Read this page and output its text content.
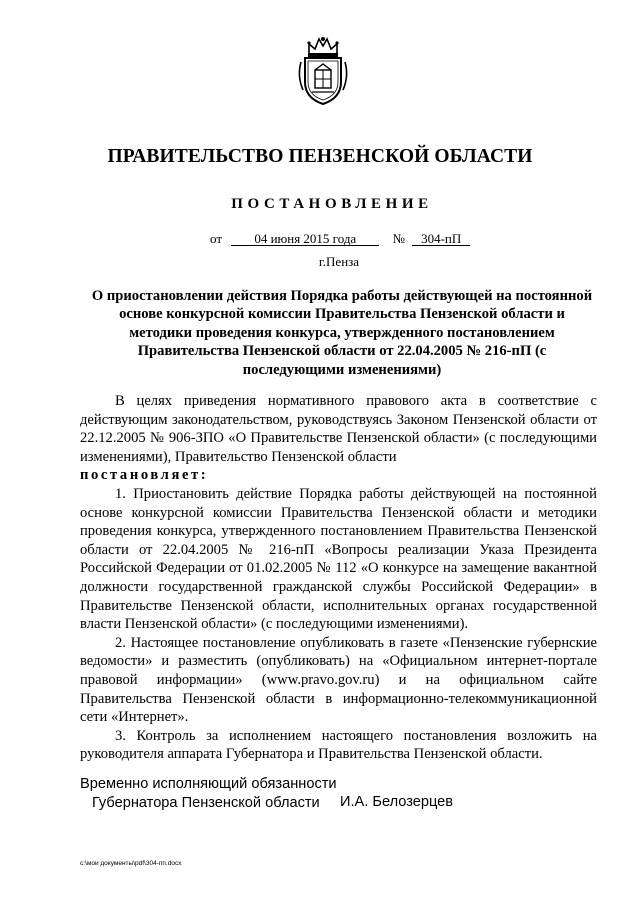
ПРАВИТЕЛЬСТВО ПЕНЗЕНСКОЙ ОБЛАСТИ
ПОСТАНОВЛЕНИЕ
от 04 июня 2015 года	№ 304-пП
г.Пенза

О приостановлении действия Порядка работы действующей на постоянной основе конкурсной комиссии Правительства Пензенской области и методики проведения конкурса, утвержденного постановлением Правительства Пензенской области от 22.04.2005 № 216-пП (с последующими изменениями)

В целях приведения нормативного правового акта в соответствие с действующим законодательством, руководствуясь Законом Пензенской области от 22.12.2005 № 906-ЗПО «О Правительстве Пензенской области» (с последующими изменениями), Правительство Пензенской области

постановляет:

1. Приостановить действие Порядка работы действующей на постоянной основе конкурсной комиссии Правительства Пензенской области и методики проведения конкурса, утвержденного постановлением Правительства Пензенской области от 22.04.2005 № 216-пП «Вопросы реализации Указа Президента Российской Федерации от 01.02.2005 № 112 «О конкурсе на замещение вакантной должности государственной гражданской службы Российской Федерации» в Правительстве Пензенской области, исполнительных органах государственной власти Пензенской области» (с последующими изменениями).

2. Настоящее постановление опубликовать в газете «Пензенские губернские ведомости» и разместить (опубликовать) на «Официальном интернет-портале правовой информации» (www.pravo.gov.ru) и на официальном сайте Правительства Пензенской области в информационно-телекоммуникационной сети «Интернет».

3. Контроль за исполнением настоящего постановления возложить на руководителя аппарата Губернатора и Правительства Пензенской области.

Временно исполняющий обязанности
Губернатора Пензенской области	И.А. Белозерцев
c:\мои документы\pdf\304-пп.docx
